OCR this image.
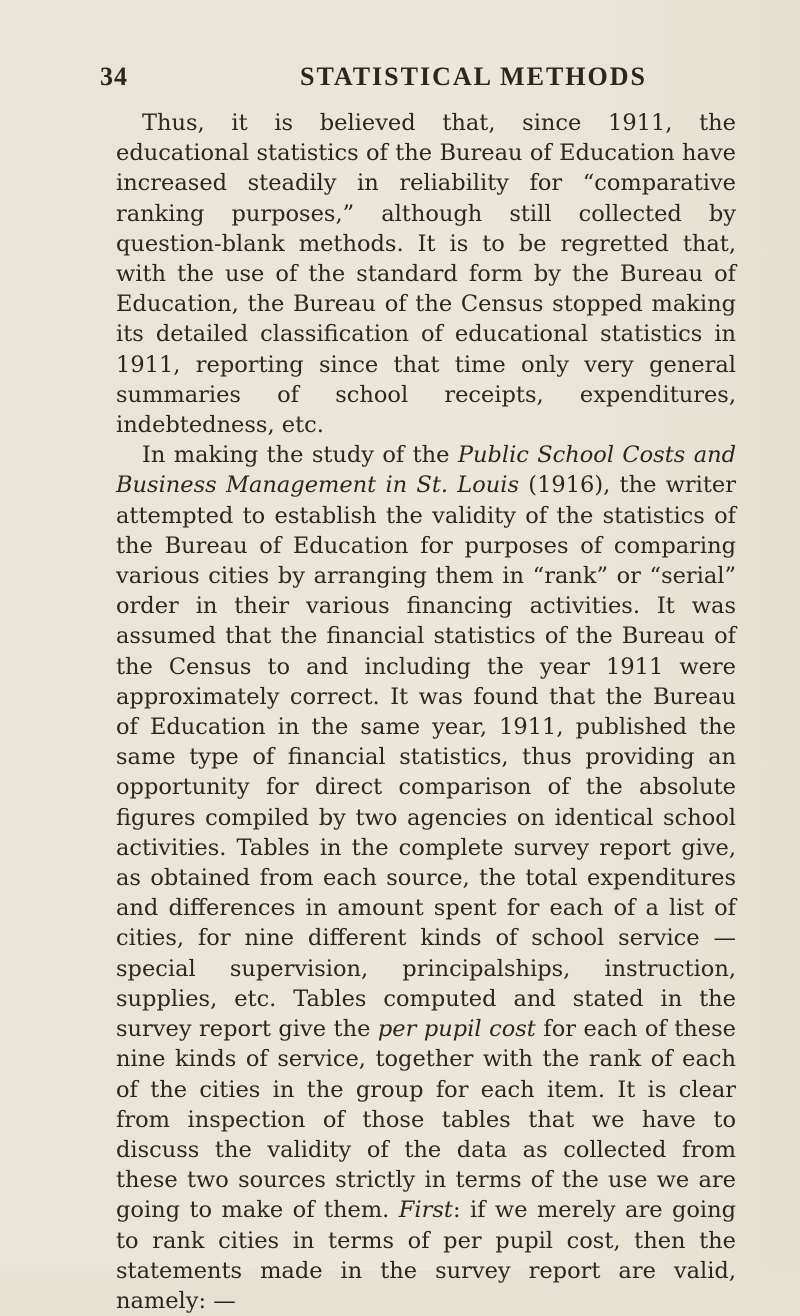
34	STATISTICAL METHODS

Thus, it is believed that, since 1911, the educational statistics of the Bureau of Education have increased steadily in reliability for “comparative ranking purposes,” although still collected by question-blank methods. It is to be regretted that, with the use of the standard form by the Bureau of Education, the Bureau of the Census stopped making its detailed classification of educational statistics in 1911, reporting since that time only very general summaries of school receipts, expenditures, indebtedness, etc.

In making the study of the Public School Costs and Business Management in St. Louis (1916), the writer attempted to establish the validity of the statistics of the Bureau of Education for purposes of comparing various cities by arranging them in “rank” or “serial” order in their various financing activities. It was assumed that the financial statistics of the Bureau of the Census to and including the year 1911 were approximately correct. It was found that the Bureau of Education in the same year, 1911, published the same type of financial statistics, thus providing an opportunity for direct comparison of the absolute figures compiled by two agencies on identical school activities. Tables in the complete survey report give, as obtained from each source, the total expenditures and differences in amount spent for each of a list of cities, for nine different kinds of school service —special supervision, principalships, instruction, supplies, etc. Tables computed and stated in the survey report give the per pupil cost for each of these nine kinds of service, together with the rank of each of the cities in the group for each item. It is clear from inspection of those tables that we have to discuss the validity of the data as collected from these two sources strictly in terms of the use we are going to make of them. First: if we merely are going to rank cities in terms of per pupil cost, then the statements made in the survey report are valid, namely: —
